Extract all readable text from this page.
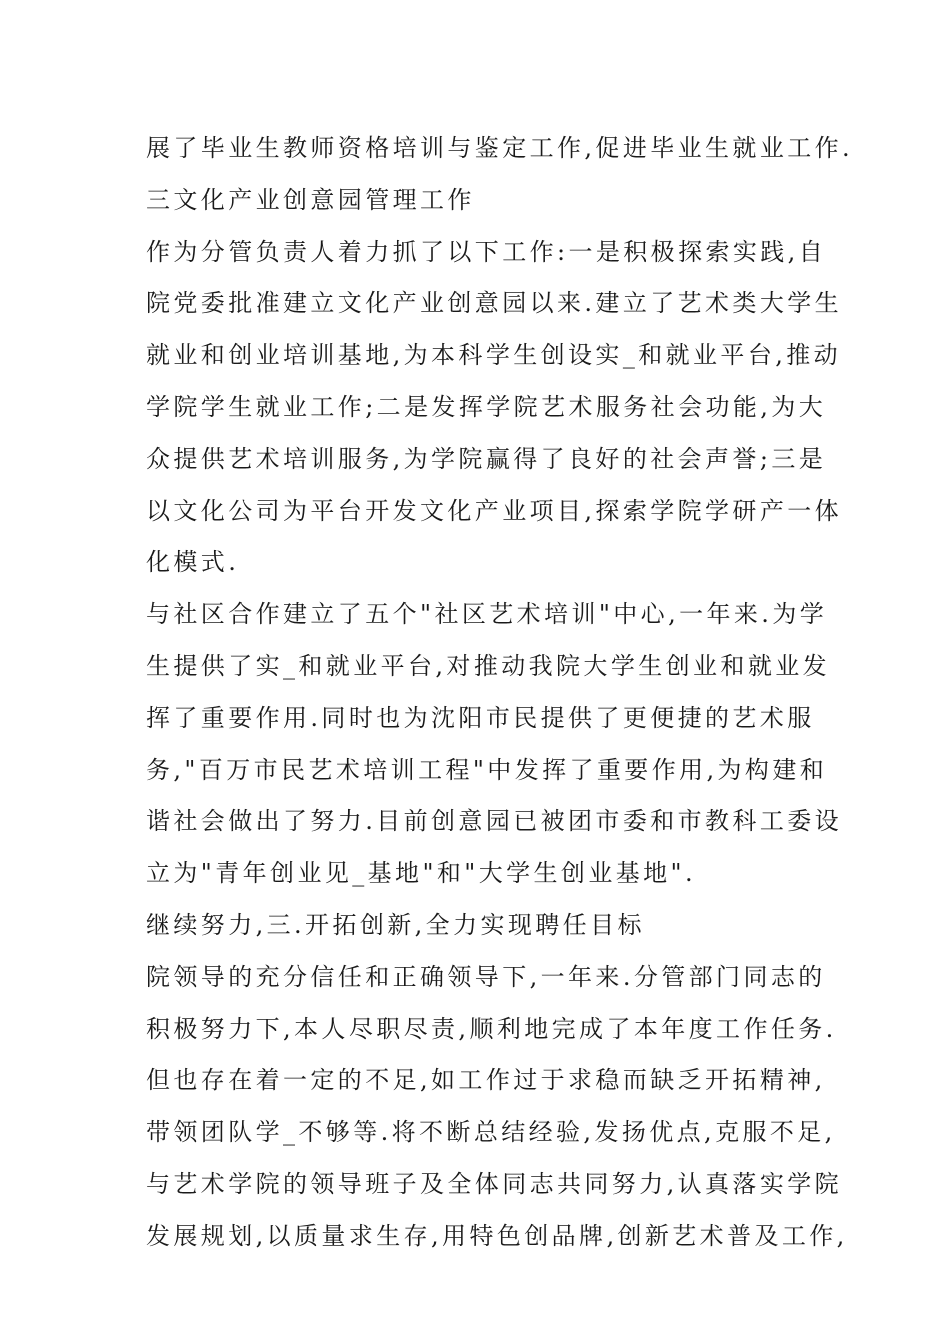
展了毕业生教师资格培训与鉴定工作,促进毕业生就业工作.
三文化产业创意园管理工作
作为分管负责人着力抓了以下工作:一是积极探索实践,自
院党委批准建立文化产业创意园以来.建立了艺术类大学生
就业和创业培训基地,为本科学生创设实_和就业平台,推动
学院学生就业工作;二是发挥学院艺术服务社会功能,为大
众提供艺术培训服务,为学院赢得了良好的社会声誉;三是
以文化公司为平台开发文化产业项目,探索学院学研产一体
化模式.
与社区合作建立了五个"社区艺术培训"中心,一年来.为学
生提供了实_和就业平台,对推动我院大学生创业和就业发
挥了重要作用.同时也为沈阳市民提供了更便捷的艺术服
务,"百万市民艺术培训工程"中发挥了重要作用,为构建和
谐社会做出了努力.目前创意园已被团市委和市教科工委设
立为"青年创业见_基地"和"大学生创业基地".
继续努力,三.开拓创新,全力实现聘任目标
院领导的充分信任和正确领导下,一年来.分管部门同志的
积极努力下,本人尽职尽责,顺利地完成了本年度工作任务.
但也存在着一定的不足,如工作过于求稳而缺乏开拓精神,
带领团队学_不够等.将不断总结经验,发扬优点,克服不足,
与艺术学院的领导班子及全体同志共同努力,认真落实学院
发展规划,以质量求生存,用特色创品牌,创新艺术普及工作,
